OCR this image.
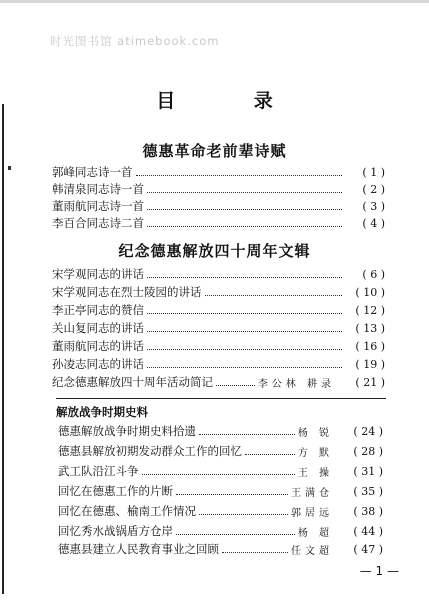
时光图书馆 atimebook.com
目 录
德惠革命老前辈诗赋
郭峰同志诗一首	( 1 )
韩清泉同志诗一首	( 2 )
董雨航同志诗一首	( 3 )
李百合同志诗二首	( 4 )
纪念德惠解放四十周年文辑
宋学观同志的讲话	( 6 )
宋学观同志在烈士陵园的讲话	( 10 )
李正亭同志的赞信	( 12 )
关山复同志的讲话	( 13 )
董雨航同志的讲话	( 16 )
孙凌志同志的讲话	( 19 )
纪念德惠解放四十周年活动简记	李公林 耕录	( 21 )
解放战争时期史料
德惠解放战争时期史料拾遗	杨 锐	( 24 )
德惠县解放初期发动群众工作的回忆	方 默	( 28 )
武工队沿江斗争	王 操	( 31 )
回忆在德惠工作的片断	王满仓	( 35 )
回忆在德惠、榆南工作情况	郭居远	( 38 )
回忆秀水战锅盾方仓岸	杨 超	( 44 )
德惠县建立人民教育事业之回顾	任文超	( 47 )
— 1 —
